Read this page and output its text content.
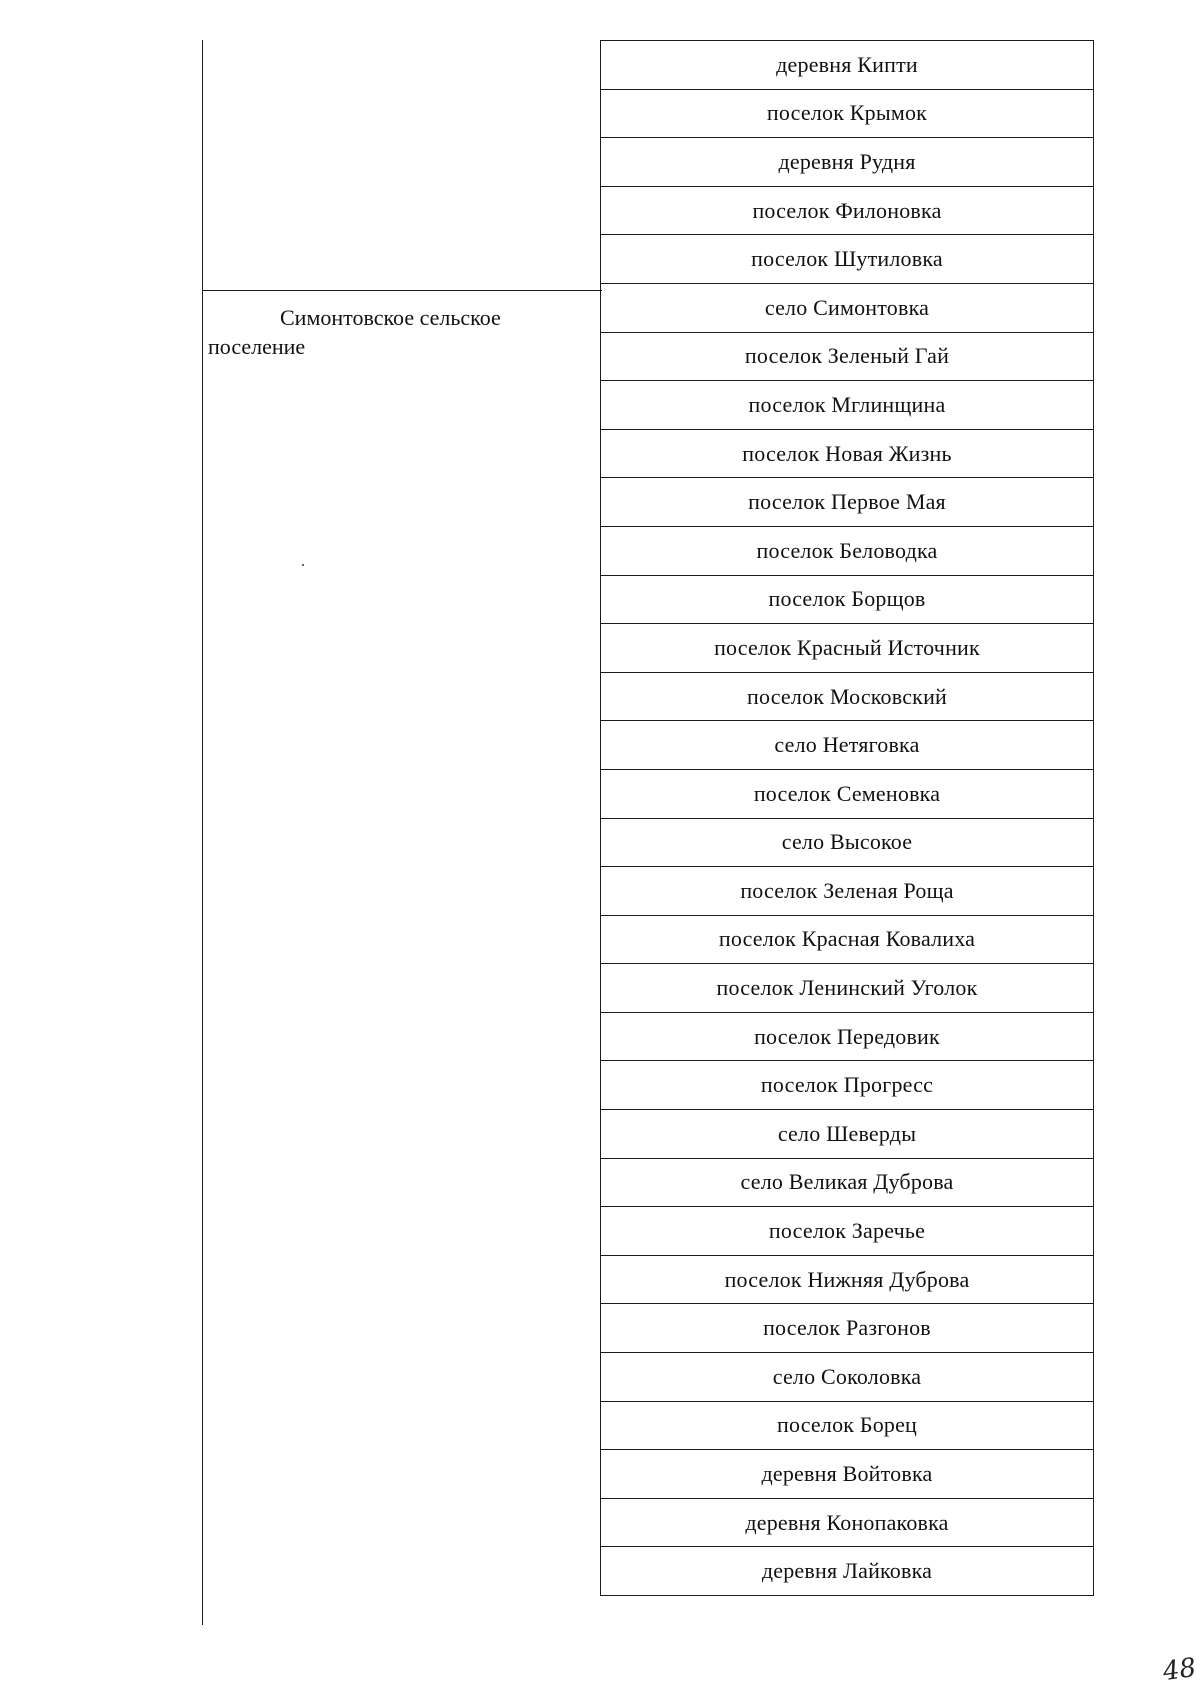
Симонтовское сельское поселение
деревня Кипти
поселок Крымок
деревня Рудня
поселок Филоновка
поселок Шутиловка
село Симонтовка
поселок Зеленый Гай
поселок Мглинщина
поселок Новая Жизнь
поселок Первое Мая
поселок Беловодка
поселок Борщов
поселок Красный Источник
поселок Московский
село Нетяговка
поселок Семеновка
село Высокое
поселок Зеленая Роща
поселок Красная Ковалиха
поселок Ленинский Уголок
поселок Передовик
поселок Прогресс
село Шеверды
село Великая Дуброва
поселок Заречье
поселок Нижняя Дуброва
поселок Разгонов
село Соколовка
поселок Борец
деревня Войтовка
деревня Конопаковка
деревня Лайковка
48
